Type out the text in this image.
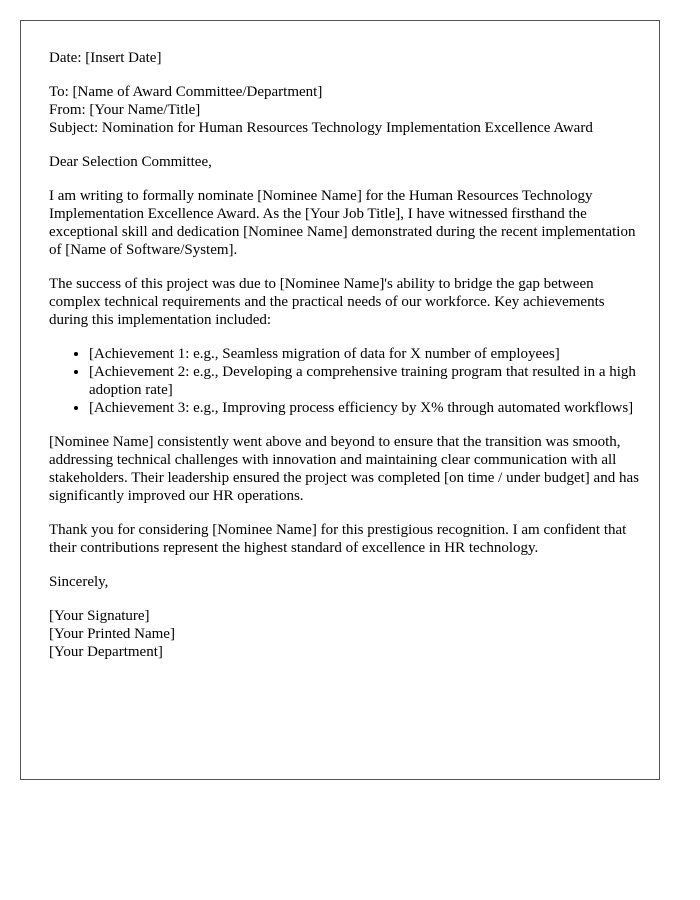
Date: [Insert Date]

To: [Name of Award Committee/Department]
From: [Your Name/Title]
Subject: Nomination for Human Resources Technology Implementation Excellence Award

Dear Selection Committee,

I am writing to formally nominate [Nominee Name] for the Human Resources Technology Implementation Excellence Award. As the [Your Job Title], I have witnessed firsthand the exceptional skill and dedication [Nominee Name] demonstrated during the recent implementation of [Name of Software/System].

The success of this project was due to [Nominee Name]'s ability to bridge the gap between complex technical requirements and the practical needs of our workforce. Key achievements during this implementation included:

• [Achievement 1: e.g., Seamless migration of data for X number of employees]
• [Achievement 2: e.g., Developing a comprehensive training program that resulted in a high adoption rate]
• [Achievement 3: e.g., Improving process efficiency by X% through automated workflows]

[Nominee Name] consistently went above and beyond to ensure that the transition was smooth, addressing technical challenges with innovation and maintaining clear communication with all stakeholders. Their leadership ensured the project was completed [on time / under budget] and has significantly improved our HR operations.

Thank you for considering [Nominee Name] for this prestigious recognition. I am confident that their contributions represent the highest standard of excellence in HR technology.

Sincerely,

[Your Signature]
[Your Printed Name]
[Your Department]
